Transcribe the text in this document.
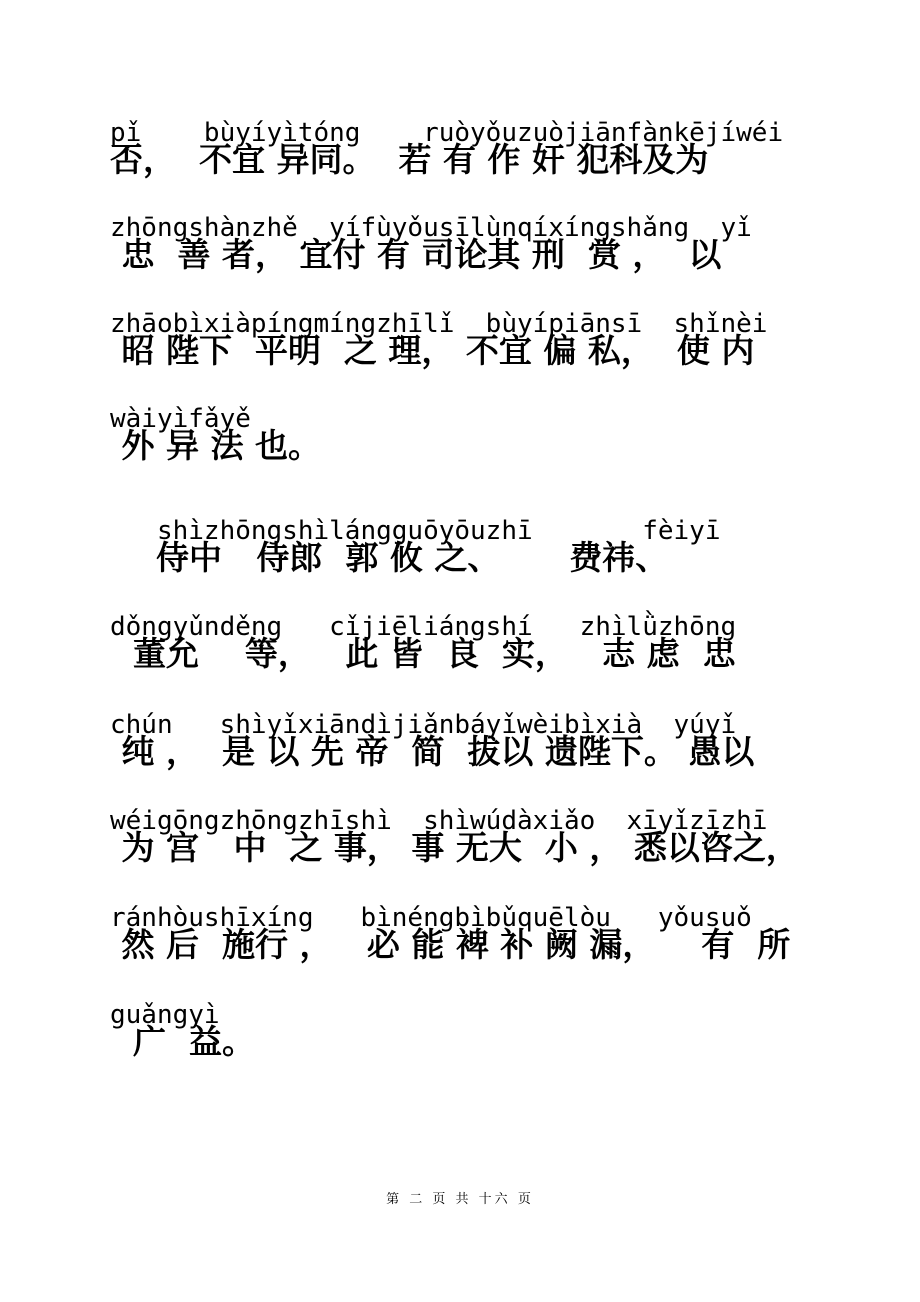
pǐ    bùyíyìtóng    ruòyǒuzuòjiānfànkējíwéi
否，  不宜 异同。  若 有 作 奸 犯科及为
zhōngshànzhě  yífùyǒusīlùnqíxíngshǎng  yǐ
忠  善 者， 宜付 有 司论其 刑  赏 ，  以
zhāobìxiàpíngmíngzhīlǐ  bùyípiānsī  shǐnèi
昭 陛下  平明  之 理， 不宜 偏 私，  使 内
wàiyìfǎyě
外 异 法 也。
shìzhōngshìlángguōyōuzhī       fèiyī
侍中   侍郎  郭 攸 之、      费祎、
dǒngyǔnděng   cǐjiēliángshí   zhìlǜzhōng
董允    等，   此 皆  良  实，   志 虑  忠
chún   shìyǐxiāndìjiǎnbáyǐwèibìxià  yúyǐ
纯 ，  是 以 先 帝  简  拔以 遗陛下。 愚以
wéigōngzhōngzhīshì  shìwúdàxiǎo  xīyǐzīzhī
为 宫   中  之 事， 事 无大  小 ， 悉以咨之，
ránhòushīxíng   bìnéngbìbǔquēlòu   yǒusuǒ
然 后  施行 ，   必 能 裨 补 阙 漏，    有  所
guǎngyì
广  益。
第 二 页 共 十六 页
